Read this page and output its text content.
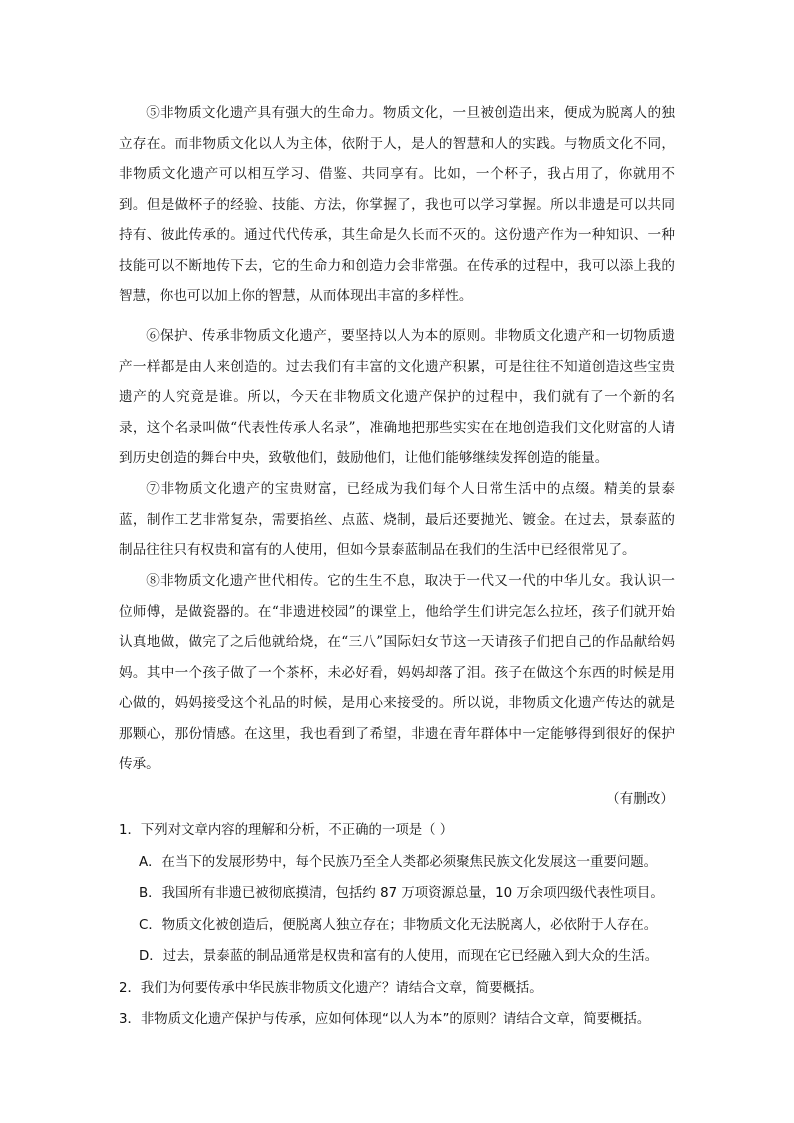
⑤非物质文化遗产具有强大的生命力。物质文化，一旦被创造出来，便成为脱离人的独立存在。而非物质文化以人为主体，依附于人，是人的智慧和人的实践。与物质文化不同，非物质文化遗产可以相互学习、借鉴、共同享有。比如，一个杯子，我占用了，你就用不到。但是做杯子的经验、技能、方法，你掌握了，我也可以学习掌握。所以非遗是可以共同持有、彼此传承的。通过代代传承，其生命是久长而不灭的。这份遗产作为一种知识、一种技能可以不断地传下去，它的生命力和创造力会非常强。在传承的过程中，我可以添上我的智慧，你也可以加上你的智慧，从而体现出丰富的多样性。

⑥保护、传承非物质文化遗产，要坚持以人为本的原则。非物质文化遗产和一切物质遗产一样都是由人来创造的。过去我们有丰富的文化遗产积累，可是往往不知道创造这些宝贵遗产的人究竟是谁。所以，今天在非物质文化遗产保护的过程中，我们就有了一个新的名录，这个名录叫做“代表性传承人名录”，准确地把那些实实在在地创造我们文化财富的人请到历史创造的舞台中央，致敬他们，鼓励他们，让他们能够继续发挥创造的能量。

⑦非物质文化遗产的宝贵财富，已经成为我们每个人日常生活中的点缀。精美的景泰蓝，制作工艺非常复杂，需要掐丝、点蓝、烧制，最后还要抛光、镀金。在过去，景泰蓝的制品往往只有权贵和富有的人使用，但如今景泰蓝制品在我们的生活中已经很常见了。

⑧非物质文化遗产世代相传。它的生生不息，取决于一代又一代的中华儿女。我认识一位师傅，是做瓷器的。在“非遗进校园”的课堂上，他给学生们讲完怎么拉坯，孩子们就开始认真地做，做完了之后他就给烧，在“三八”国际妇女节这一天请孩子们把自己的作品献给妈妈。其中一个孩子做了一个茶杯，未必好看，妈妈却落了泪。孩子在做这个东西的时候是用心做的，妈妈接受这个礼品的时候，是用心来接受的。所以说，非物质文化遗产传达的就是那颗心，那份情感。在这里，我也看到了希望，非遗在青年群体中一定能够得到很好的保护传承。

（有删改）
1．下列对文章内容的理解和分析，不正确的一项是（ ）
A．在当下的发展形势中，每个民族乃至全人类都必须聚焦民族文化发展这一重要问题。
B．我国所有非遗已被彻底摸清，包括约 87 万项资源总量，10 万余项四级代表性项目。
C．物质文化被创造后，便脱离人独立存在；非物质文化无法脱离人，必依附于人存在。
D．过去，景泰蓝的制品通常是权贵和富有的人使用，而现在它已经融入到大众的生活。
2．我们为何要传承中华民族非物质文化遗产？请结合文章，简要概括。
3．非物质文化遗产保护与传承，应如何体现“以人为本”的原则？请结合文章，简要概括。
